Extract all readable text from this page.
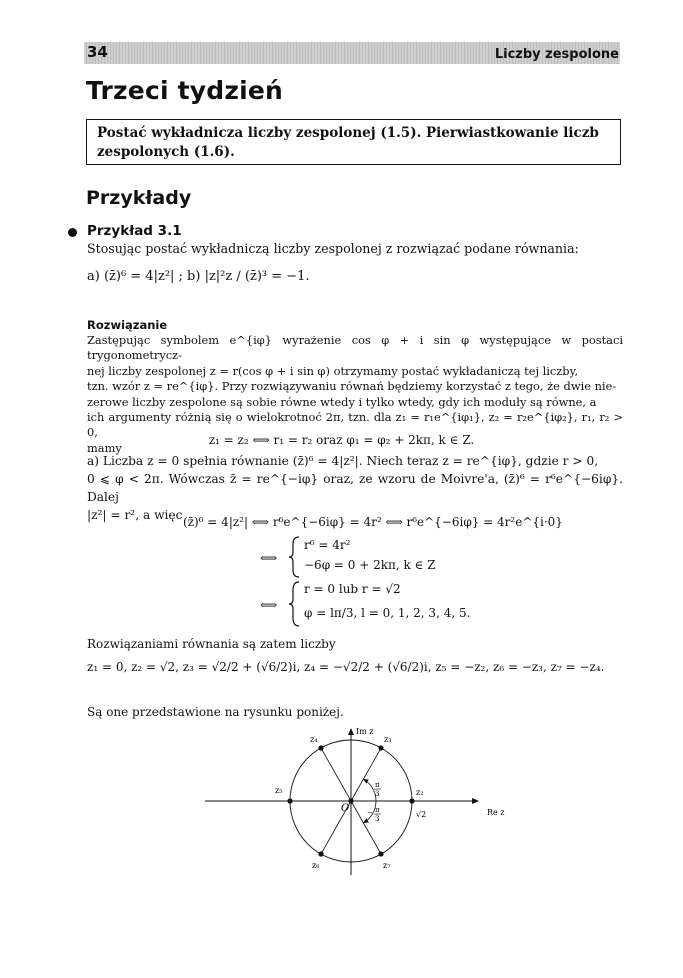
34	Liczby zespolone
Trzeci tydzień

Postać wykładnicza liczby zespolonej (1.5). Pierwiastkowanie liczb

zespolonych (1.6).

Przykłady
Przykład 3.1
Stosując postać wykładniczą liczby zespolonej z rozwiązać podane równania:
a) (z̄)⁶ = 4|z²| ; b) |z|²z / (z̄)³ = −1.
Rozwiązanie
Zastępując symbolem e^{iφ} wyrażenie cos φ + i sin φ występujące w postaci trygonometrycz-
nej liczby zespolonej z = r(cos φ + i sin φ) otrzymamy postać wykładaniczą tej liczby,
tzn. wzór z = re^{iφ}. Przy rozwiązywaniu równań będziemy korzystać z tego, że dwie nie-
zerowe liczby zespolone są sobie równe wtedy i tylko wtedy, gdy ich moduły są równe, a
ich argumenty różnią się o wielokrotnoć 2π, tzn. dla z₁ = r₁e^{iφ₁}, z₂ = r₂e^{iφ₂}, r₁, r₂ > 0,
mamy
z₁ = z₂ ⟺ r₁ = r₂ oraz φ₁ = φ₂ + 2kπ, k ∈ Z.
a) Liczba z = 0 spełnia równanie (z̄)⁶ = 4|z²|. Niech teraz z = re^{iφ}, gdzie r > 0,
0 ⩽ φ < 2π. Wówczas z̄ = re^{−iφ} oraz, ze wzoru de Moivre'a, (z̄)⁶ = r⁶e^{−6iφ}. Dalej
|z²| = r², a więc (z̄)⁶ = 4|z²| ⟺ r⁶e^{−6iφ} = 4r² ⟺ r⁶e^{−6iφ} = 4r²e^{i·0}
⟺
r⁶ = 4r²
−6φ = 0 + 2kπ, k ∈ Z
⟺
r = 0 lub r = √2
φ = lπ/3, l = 0, 1, 2, 3, 4, 5.
Rozwiązaniami równania są zatem liczby
z₁ = 0, z₂ = √2, z₃ = √2/2 + (√6/2)i, z₄ = −√2/2 + (√6/2)i, z₅ = −z₂, z₆ = −z₃, z₇ = −z₄.
Są one przedstawione na rysunku poniżej.
Re z
Im z
O
z₂
z₃
z₄
z₅
z₆	z₇
π
3
− π
3	√2
